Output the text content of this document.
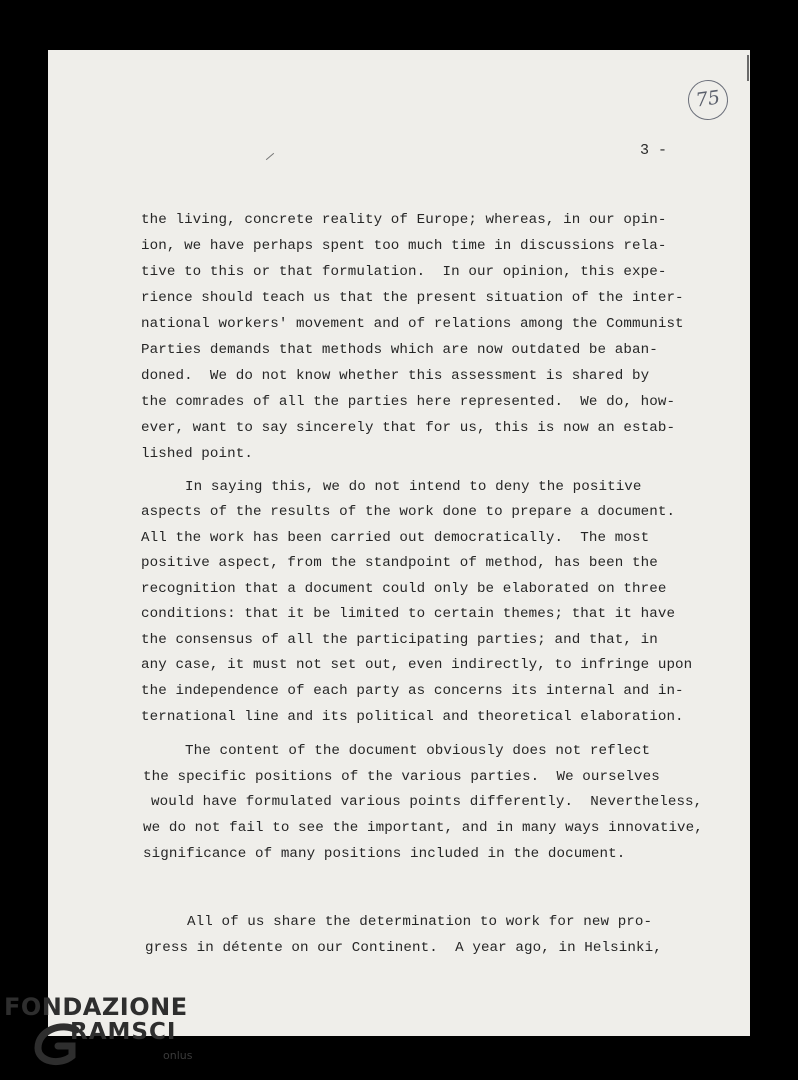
75
3 -
the living, concrete reality of Europe; whereas, in our opin-
ion, we have perhaps spent too much time in discussions rela-
tive to this or that formulation.  In our opinion, this expe-
rience should teach us that the present situation of the inter-
national workers' movement and of relations among the Communist
Parties demands that methods which are now outdated be aban-
doned.  We do not know whether this assessment is shared by
the comrades of all the parties here represented.  We do, how-
ever, want to say sincerely that for us, this is now an estab-
lished point.
In saying this, we do not intend to deny the positive
aspects of the results of the work done to prepare a document.
All the work has been carried out democratically.  The most
positive aspect, from the standpoint of method, has been the
recognition that a document could only be elaborated on three
conditions: that it be limited to certain themes; that it have
the consensus of all the participating parties; and that, in
any case, it must not set out, even indirectly, to infringe upon
the independence of each party as concerns its internal and in-
ternational line and its political and theoretical elaboration.
The content of the document obviously does not reflect
the specific positions of the various parties.  We ourselves
would have formulated various points differently.  Nevertheless,
we do not fail to see the important, and in many ways innovative,
significance of many positions included in the document.
All of us share the determination to work for new pro-
gress in détente on our Continent.  A year ago, in Helsinki,
FONDAZIONE
RAMSCI
onlus
